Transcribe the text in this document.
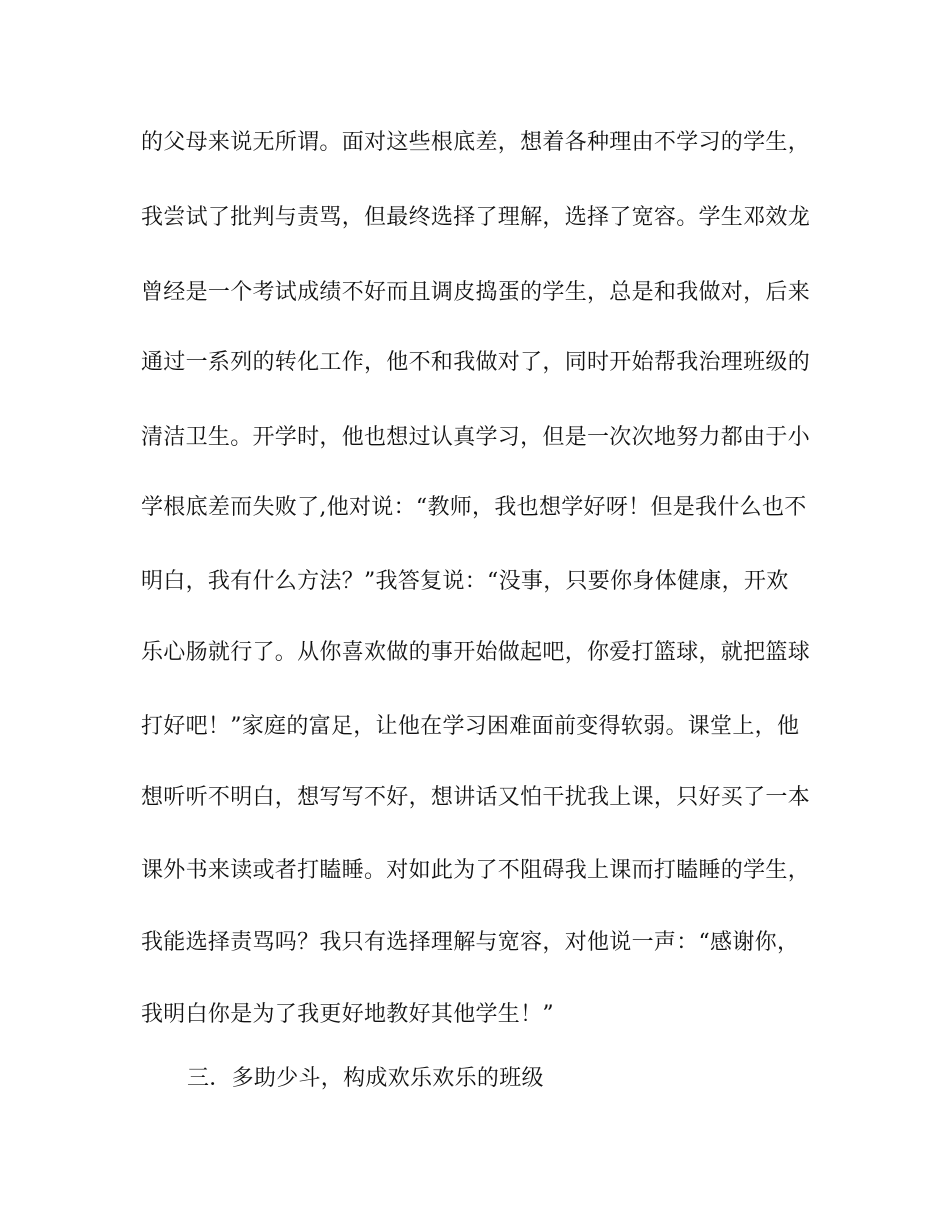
的父母来说无所谓。面对这些根底差，想着各种理由不学习的学生，
我尝试了批判与责骂，但最终选择了理解，选择了宽容。学生邓效龙
曾经是一个考试成绩不好而且调皮捣蛋的学生，总是和我做对，后来
通过一系列的转化工作，他不和我做对了，同时开始帮我治理班级的
清洁卫生。开学时，他也想过认真学习，但是一次次地努力都由于小
学根底差而失败了,他对说：“教师，我也想学好呀！但是我什么也不
明白，我有什么方法？”我答复说：“没事，只要你身体健康，开欢
乐心肠就行了。从你喜欢做的事开始做起吧，你爱打篮球，就把篮球
打好吧！”家庭的富足，让他在学习困难面前变得软弱。课堂上，他
想听听不明白，想写写不好，想讲话又怕干扰我上课，只好买了一本
课外书来读或者打瞌睡。对如此为了不阻碍我上课而打瞌睡的学生，
我能选择责骂吗？我只有选择理解与宽容，对他说一声：“感谢你，
我明白你是为了我更好地教好其他学生！”
三．多助少斗，构成欢乐欢乐的班级
